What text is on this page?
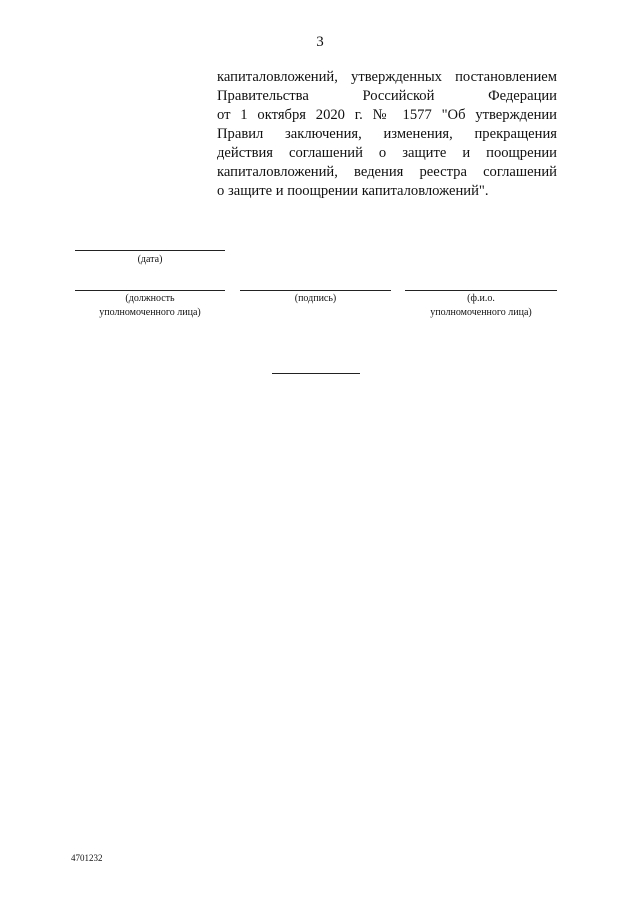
3
капиталовложений, утвержденных постановлением
Правительства Российской Федерации
от 1 октября 2020 г. № 1577 "Об утверждении
Правил заключения, изменения, прекращения
действия соглашений о защите и поощрении
капиталовложений, ведения реестра соглашений
о защите и поощрении капиталовложений".
(дата)
(должность
уполномоченного лица)
(подпись)	(ф.и.о.
уполномоченного лица)
4701232
